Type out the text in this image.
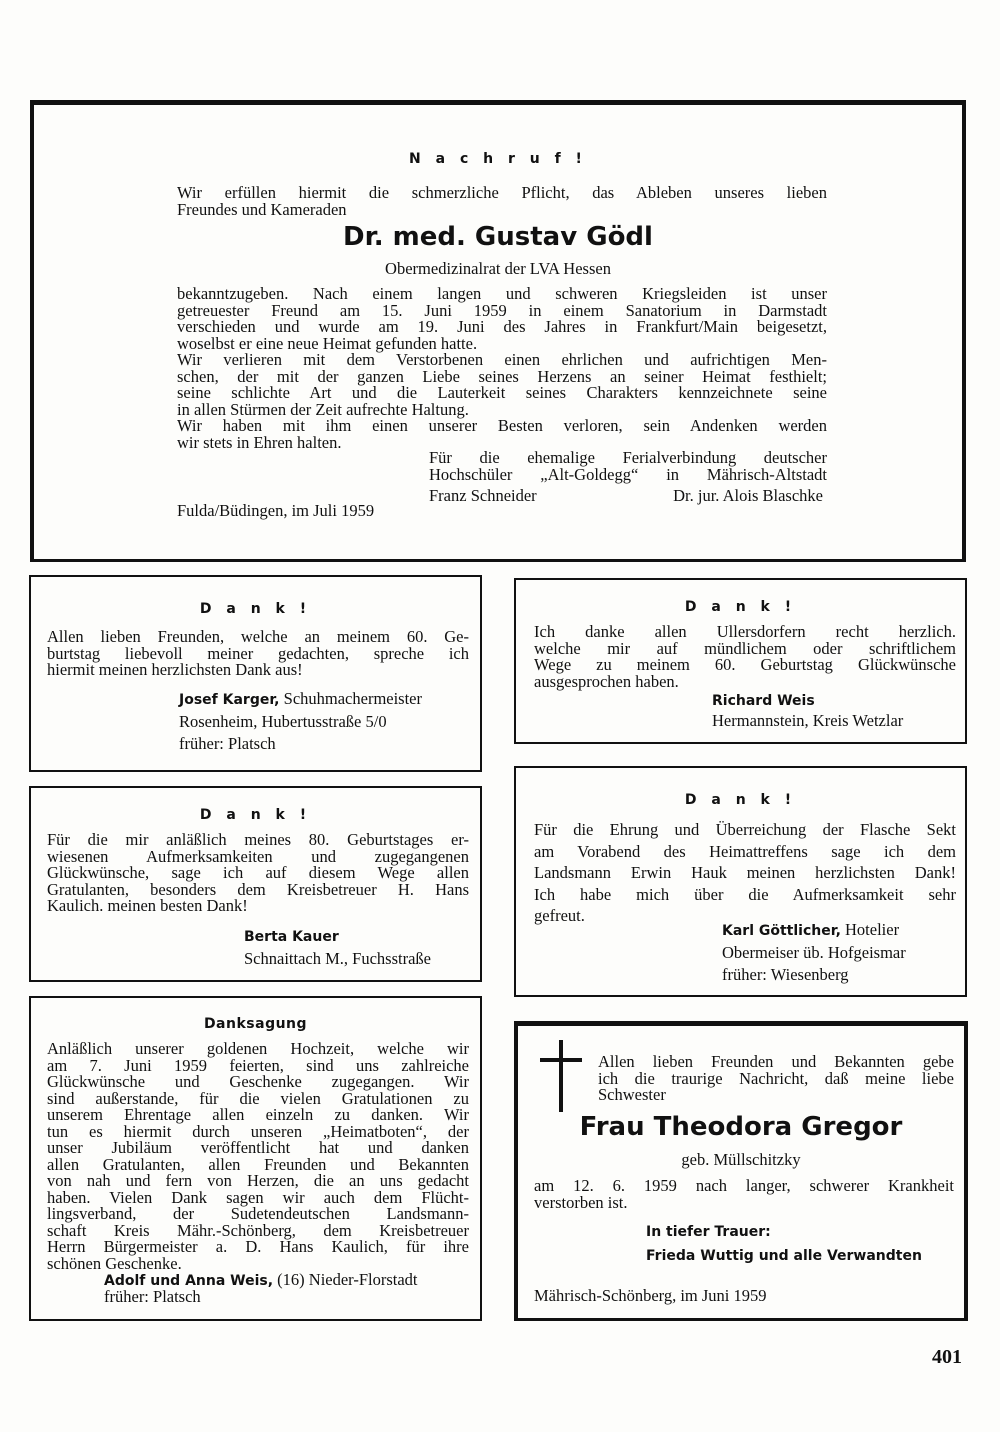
N a c h r u f !
Wir erfüllen hiermit die schmerzliche Pflicht, das Ableben unseres lieben
Freundes und Kameraden
Dr. med. Gustav Gödl
Obermedizinalrat der LVA Hessen
bekanntzugeben. Nach einem langen und schweren Kriegsleiden ist unser
getreuester Freund am 15. Juni 1959 in einem Sanatorium in Darmstadt
verschieden und wurde am 19. Juni des Jahres in Frankfurt/Main beigesetzt,
woselbst er eine neue Heimat gefunden hatte.
Wir verlieren mit dem Verstorbenen einen ehrlichen und aufrichtigen Men-
schen, der mit der ganzen Liebe seines Herzens an seiner Heimat festhielt;
seine schlichte Art und die Lauterkeit seines Charakters kennzeichnete seine
in allen Stürmen der Zeit aufrechte Haltung.
Wir haben mit ihm einen unserer Besten verloren, sein Andenken werden
wir stets in Ehren halten.
Für die ehemalige Ferialverbindung deutscher
Hochschüler „Alt-Goldegg“ in Mährisch-Altstadt
Franz Schneider	Dr. jur. Alois Blaschke
Fulda/Büdingen, im Juli 1959
D a n k !
Allen lieben Freunden, welche an meinem 60. Ge-
burtstag liebevoll meiner gedachten, spreche ich
hiermit meinen herzlichsten Dank aus!
Josef Karger, Schuhmachermeister
Rosenheim, Hubertusstraße 5/0
früher: Platsch
D a n k !
Für die mir anläßlich meines 80. Geburtstages er-
wiesenen Aufmerksamkeiten und zugegangenen
Glückwünsche, sage ich auf diesem Wege allen
Gratulanten, besonders dem Kreisbetreuer H. Hans
Kaulich. meinen besten Dank!
Berta Kauer
Schnaittach M., Fuchsstraße
Danksagung
Anläßlich unserer goldenen Hochzeit, welche wir
am 7. Juni 1959 feierten, sind uns zahlreiche
Glückwünsche und Geschenke zugegangen. Wir
sind außerstande, für die vielen Gratulationen zu
unserem Ehrentage allen einzeln zu danken. Wir
tun es hiermit durch unseren „Heimatboten“, der
unser Jubiläum veröffentlicht hat und danken
allen Gratulanten, allen Freunden und Bekannten
von nah und fern von Herzen, die an uns gedacht
haben. Vielen Dank sagen wir auch dem Flücht-
lingsverband, der Sudetendeutschen Landsmann-
schaft Kreis Mähr.-Schönberg, dem Kreisbetreuer
Herrn Bürgermeister a. D. Hans Kaulich, für ihre
schönen Geschenke.
Adolf und Anna Weis, (16) Nieder-Florstadt
früher: Platsch
D a n k !
Ich danke allen Ullersdorfern recht herzlich.
welche mir auf mündlichem oder schriftlichem
Wege zu meinem 60. Geburtstag Glückwünsche
ausgesprochen haben.
Richard Weis
Hermannstein, Kreis Wetzlar
D a n k !
Für die Ehrung und Überreichung der Flasche Sekt
am Vorabend des Heimattreffens sage ich dem
Landsmann Erwin Hauk meinen herzlichsten Dank!
Ich habe mich über die Aufmerksamkeit sehr
gefreut.
Karl Göttlicher, Hotelier
Obermeiser üb. Hofgeismar
früher: Wiesenberg
Allen lieben Freunden und Bekannten gebe
ich die traurige Nachricht, daß meine liebe
Schwester
Frau Theodora Gregor
geb. Müllschitzky
am 12. 6. 1959 nach langer, schwerer Krankheit
verstorben ist.
In tiefer Trauer:
Frieda Wuttig und alle Verwandten
Mährisch-Schönberg, im Juni 1959
401
